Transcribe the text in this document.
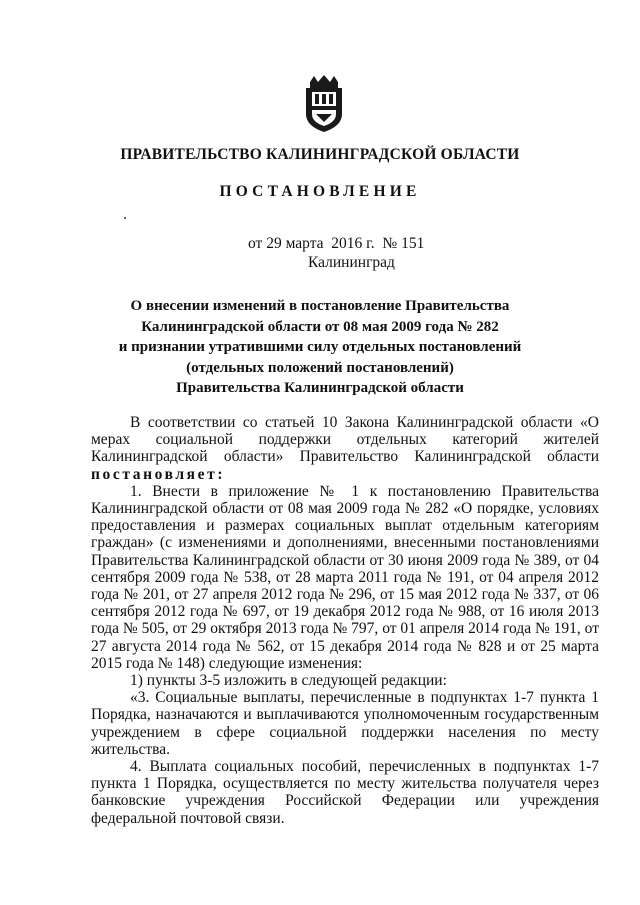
ПРАВИТЕЛЬСТВО КАЛИНИНГРАДСКОЙ ОБЛАСТИ
ПОСТАНОВЛЕНИЕ
от 29 марта  2016 г.  № 151
Калининград
О внесении изменений в постановление Правительства
Калининградской области от 08 мая 2009 года № 282
и признании утратившими силу отдельных постановлений
(отдельных положений постановлений)
Правительства Калининградской области

В соответствии со статьей 10 Закона Калининградской области «О мерах социальной поддержки отдельных категорий жителей Калининградской области» Правительство Калининградской области постановляет:

1. Внести в приложение № 1 к постановлению Правительства Калининградской области от 08 мая 2009 года № 282 «О порядке, условиях предоставления и размерах социальных выплат отдельным категориям граждан» (с изменениями и дополнениями, внесенными постановлениями Правительства Калининградской области от 30 июня 2009 года № 389, от 04 сентября 2009 года № 538, от 28 марта 2011 года № 191, от 04 апреля 2012 года № 201, от 27 апреля 2012 года № 296, от 15 мая 2012 года № 337, от 06 сентября 2012 года № 697, от 19 декабря 2012 года № 988, от 16 июля 2013 года № 505, от 29 октября 2013 года № 797, от 01 апреля 2014 года № 191, от 27 августа 2014 года № 562, от 15 декабря 2014 года № 828 и от 25 марта 2015 года № 148) следующие изменения:

1) пункты 3-5 изложить в следующей редакции:

«3. Социальные выплаты, перечисленные в подпунктах 1-7 пункта 1 Порядка, назначаются и выплачиваются уполномоченным государственным учреждением в сфере социальной поддержки населения по месту жительства.

4. Выплата социальных пособий, перечисленных в подпунктах 1-7 пункта 1 Порядка, осуществляется по месту жительства получателя через банковские учреждения Российской Федерации или учреждения федеральной почтовой связи.
